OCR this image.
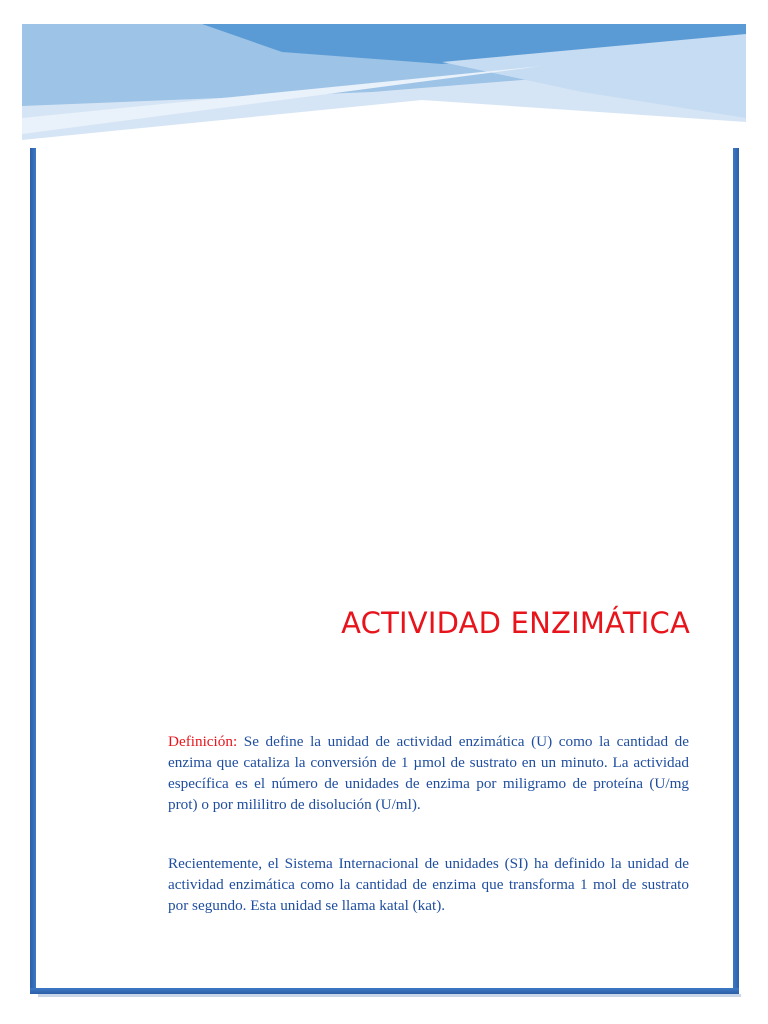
ACTIVIDAD ENZIMÁTICA
Definición: Se define la unidad de actividad enzimática (U) como la cantidad de enzima que cataliza la conversión de 1 µmol de sustrato en un minuto. La actividad específica es el número de unidades de enzima por miligramo de proteína (U/mg prot) o por mililitro de disolución (U/ml).
Recientemente, el Sistema Internacional de unidades (SI) ha definido la unidad de actividad enzimática como la cantidad de enzima que transforma 1 mol de sustrato por segundo. Esta unidad se llama katal (kat).
